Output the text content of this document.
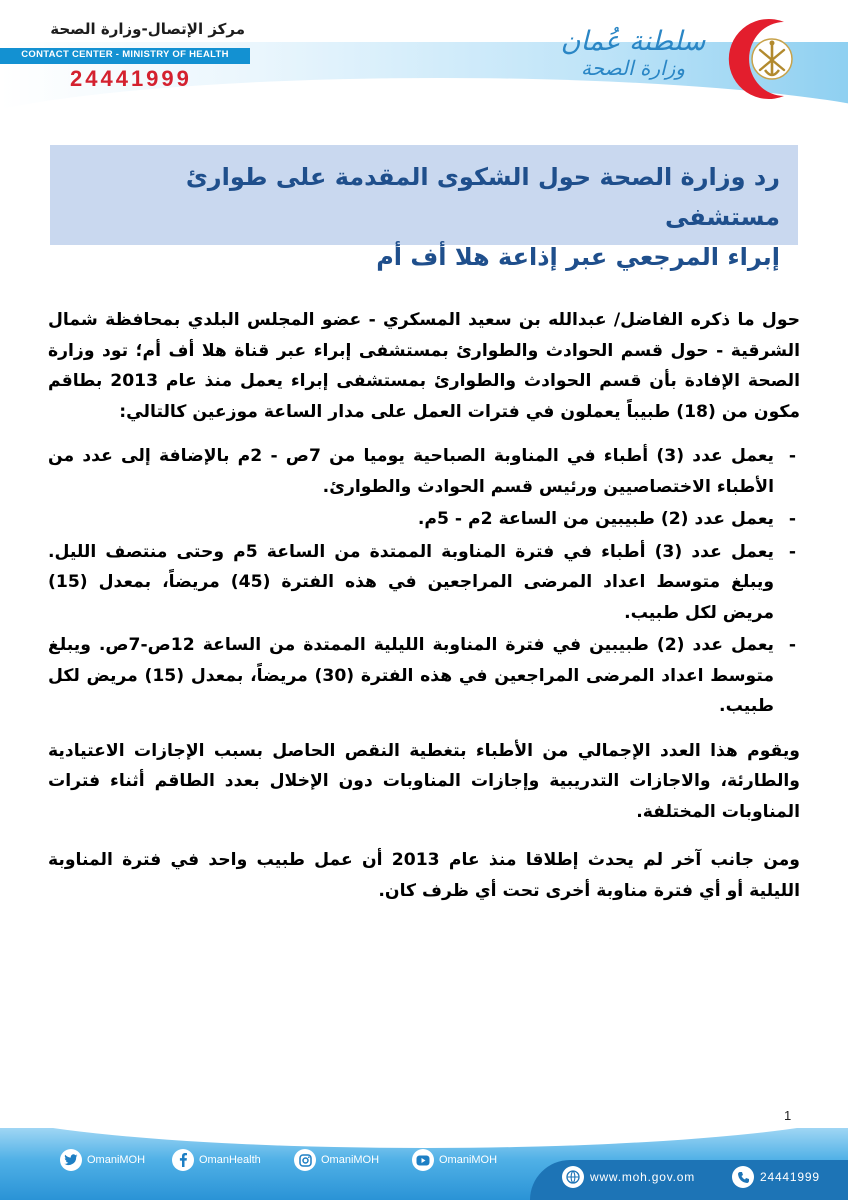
مركز الإتصال-وزارة الصحة
CONTACT CENTER - MINISTRY OF HEALTH
24441999
سلطنة عُمان
وزارة الصحة
رد وزارة الصحة حول الشكوى المقدمة على طوارئ مستشفى
إبراء المرجعي عبر إذاعة هلا أف أم

حول ما ذكره الفاضل/ عبدالله بن سعيد المسكري - عضو المجلس البلدي بمحافظة شمال الشرقية - حول قسم الحوادث والطوارئ بمستشفى إبراء عبر قناة هلا أف أم؛ تود وزارة الصحة الإفادة بأن قسم الحوادث والطوارئ بمستشفى إبراء يعمل منذ عام 2013 بطاقم مكون من (18) طبيباً يعملون في فترات العمل على مدار الساعة موزعين كالتالي:

-
يعمل عدد (3) أطباء في المناوبة الصباحية يوميا من 7ص - 2م بالإضافة إلى عدد من الأطباء الاختصاصيين ورئيس قسم الحوادث والطوارئ.
-
يعمل عدد (2) طبيبين من الساعة 2م - 5م.
-
يعمل عدد (3) أطباء في فترة المناوبة الممتدة من الساعة 5م وحتى منتصف الليل. ويبلغ متوسط اعداد المرضى المراجعين في هذه الفترة (45) مريضاً، بمعدل (15) مريض لكل طبيب.
-
يعمل عدد (2) طبيبين في فترة المناوبة الليلية الممتدة من الساعة 12ص-7ص. ويبلغ متوسط اعداد المرضى المراجعين في هذه الفترة (30) مريضاً، بمعدل (15) مريض لكل طبيب.

ويقوم هذا العدد الإجمالي من الأطباء بتغطية النقص الحاصل بسبب الإجازات الاعتيادية والطارئة، والاجازات التدريبية وإجازات المناوبات دون الإخلال بعدد الطاقم أثناء فترات المناوبات المختلفة.

ومن جانب آخر لم يحدث إطلاقا منذ عام 2013 أن عمل طبيب واحد في فترة المناوبة الليلية أو أي فترة مناوبة أخرى تحت أي ظرف كان.

1
OmaniMOH	OmanHealth	OmaniMOH	OmaniMOH
www.moh.gov.om	24441999
